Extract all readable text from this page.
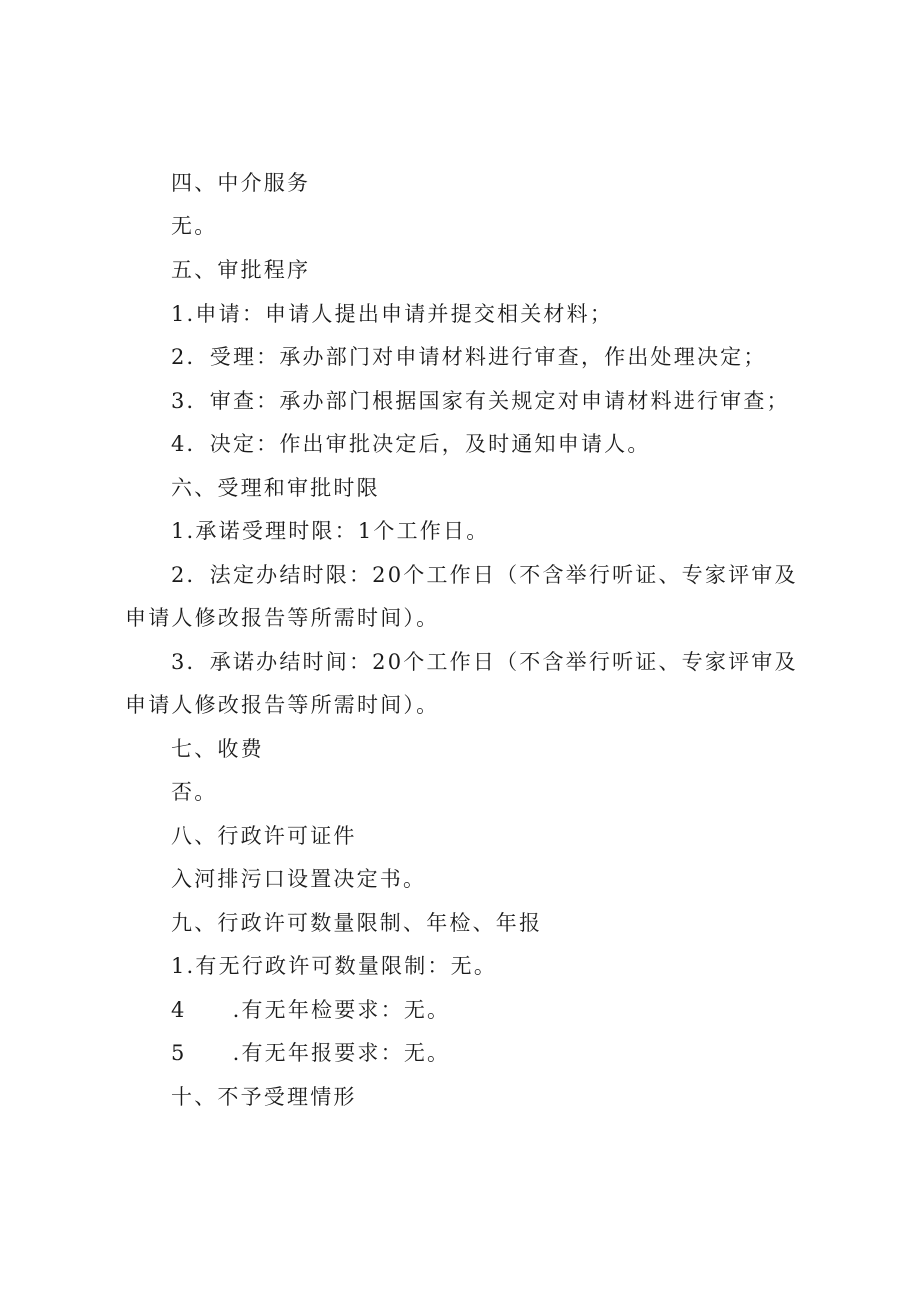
四、中介服务
无。
五、审批程序
1.申请：申请人提出申请并提交相关材料；
2．受理：承办部门对申请材料进行审查，作出处理决定；
3．审查：承办部门根据国家有关规定对申请材料进行审查；
4．决定：作出审批决定后，及时通知申请人。
六、受理和审批时限
1.承诺受理时限：1个工作日。
2．法定办结时限：20个工作日（不含举行听证、专家评审及
申请人修改报告等所需时间）。
3．承诺办结时间：20个工作日（不含举行听证、专家评审及
申请人修改报告等所需时间）。
七、收费
否。
八、行政许可证件
入河排污口设置决定书。
九、行政许可数量限制、年检、年报
1.有无行政许可数量限制：无。
4 .有无年检要求：无。
5 .有无年报要求：无。
十、不予受理情形
